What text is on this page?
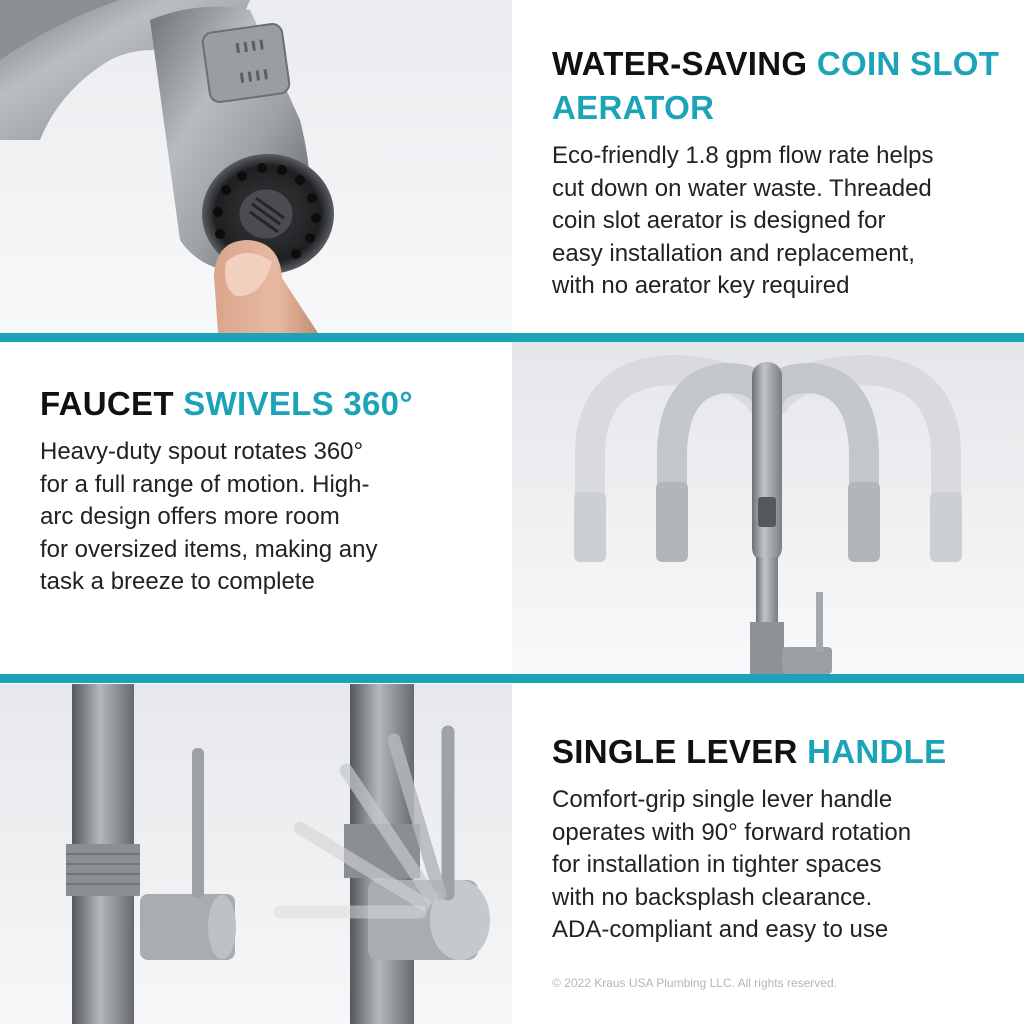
WATER-SAVING COIN SLOT AERATOR

Eco-friendly 1.8 gpm flow rate helps
cut down on water waste. Threaded
coin slot aerator is designed for
easy installation and replacement,
with no aerator key required

FAUCET SWIVELS 360°

Heavy-duty spout rotates 360°
for a full range of motion. High-
arc design offers more room
for oversized items, making any
task a breeze to complete

SINGLE LEVER HANDLE

Comfort-grip single lever handle
operates with 90° forward rotation
for installation in tighter spaces
with no backsplash clearance.
ADA-compliant and easy to use

© 2022 Kraus USA Plumbing LLC. All rights reserved.
